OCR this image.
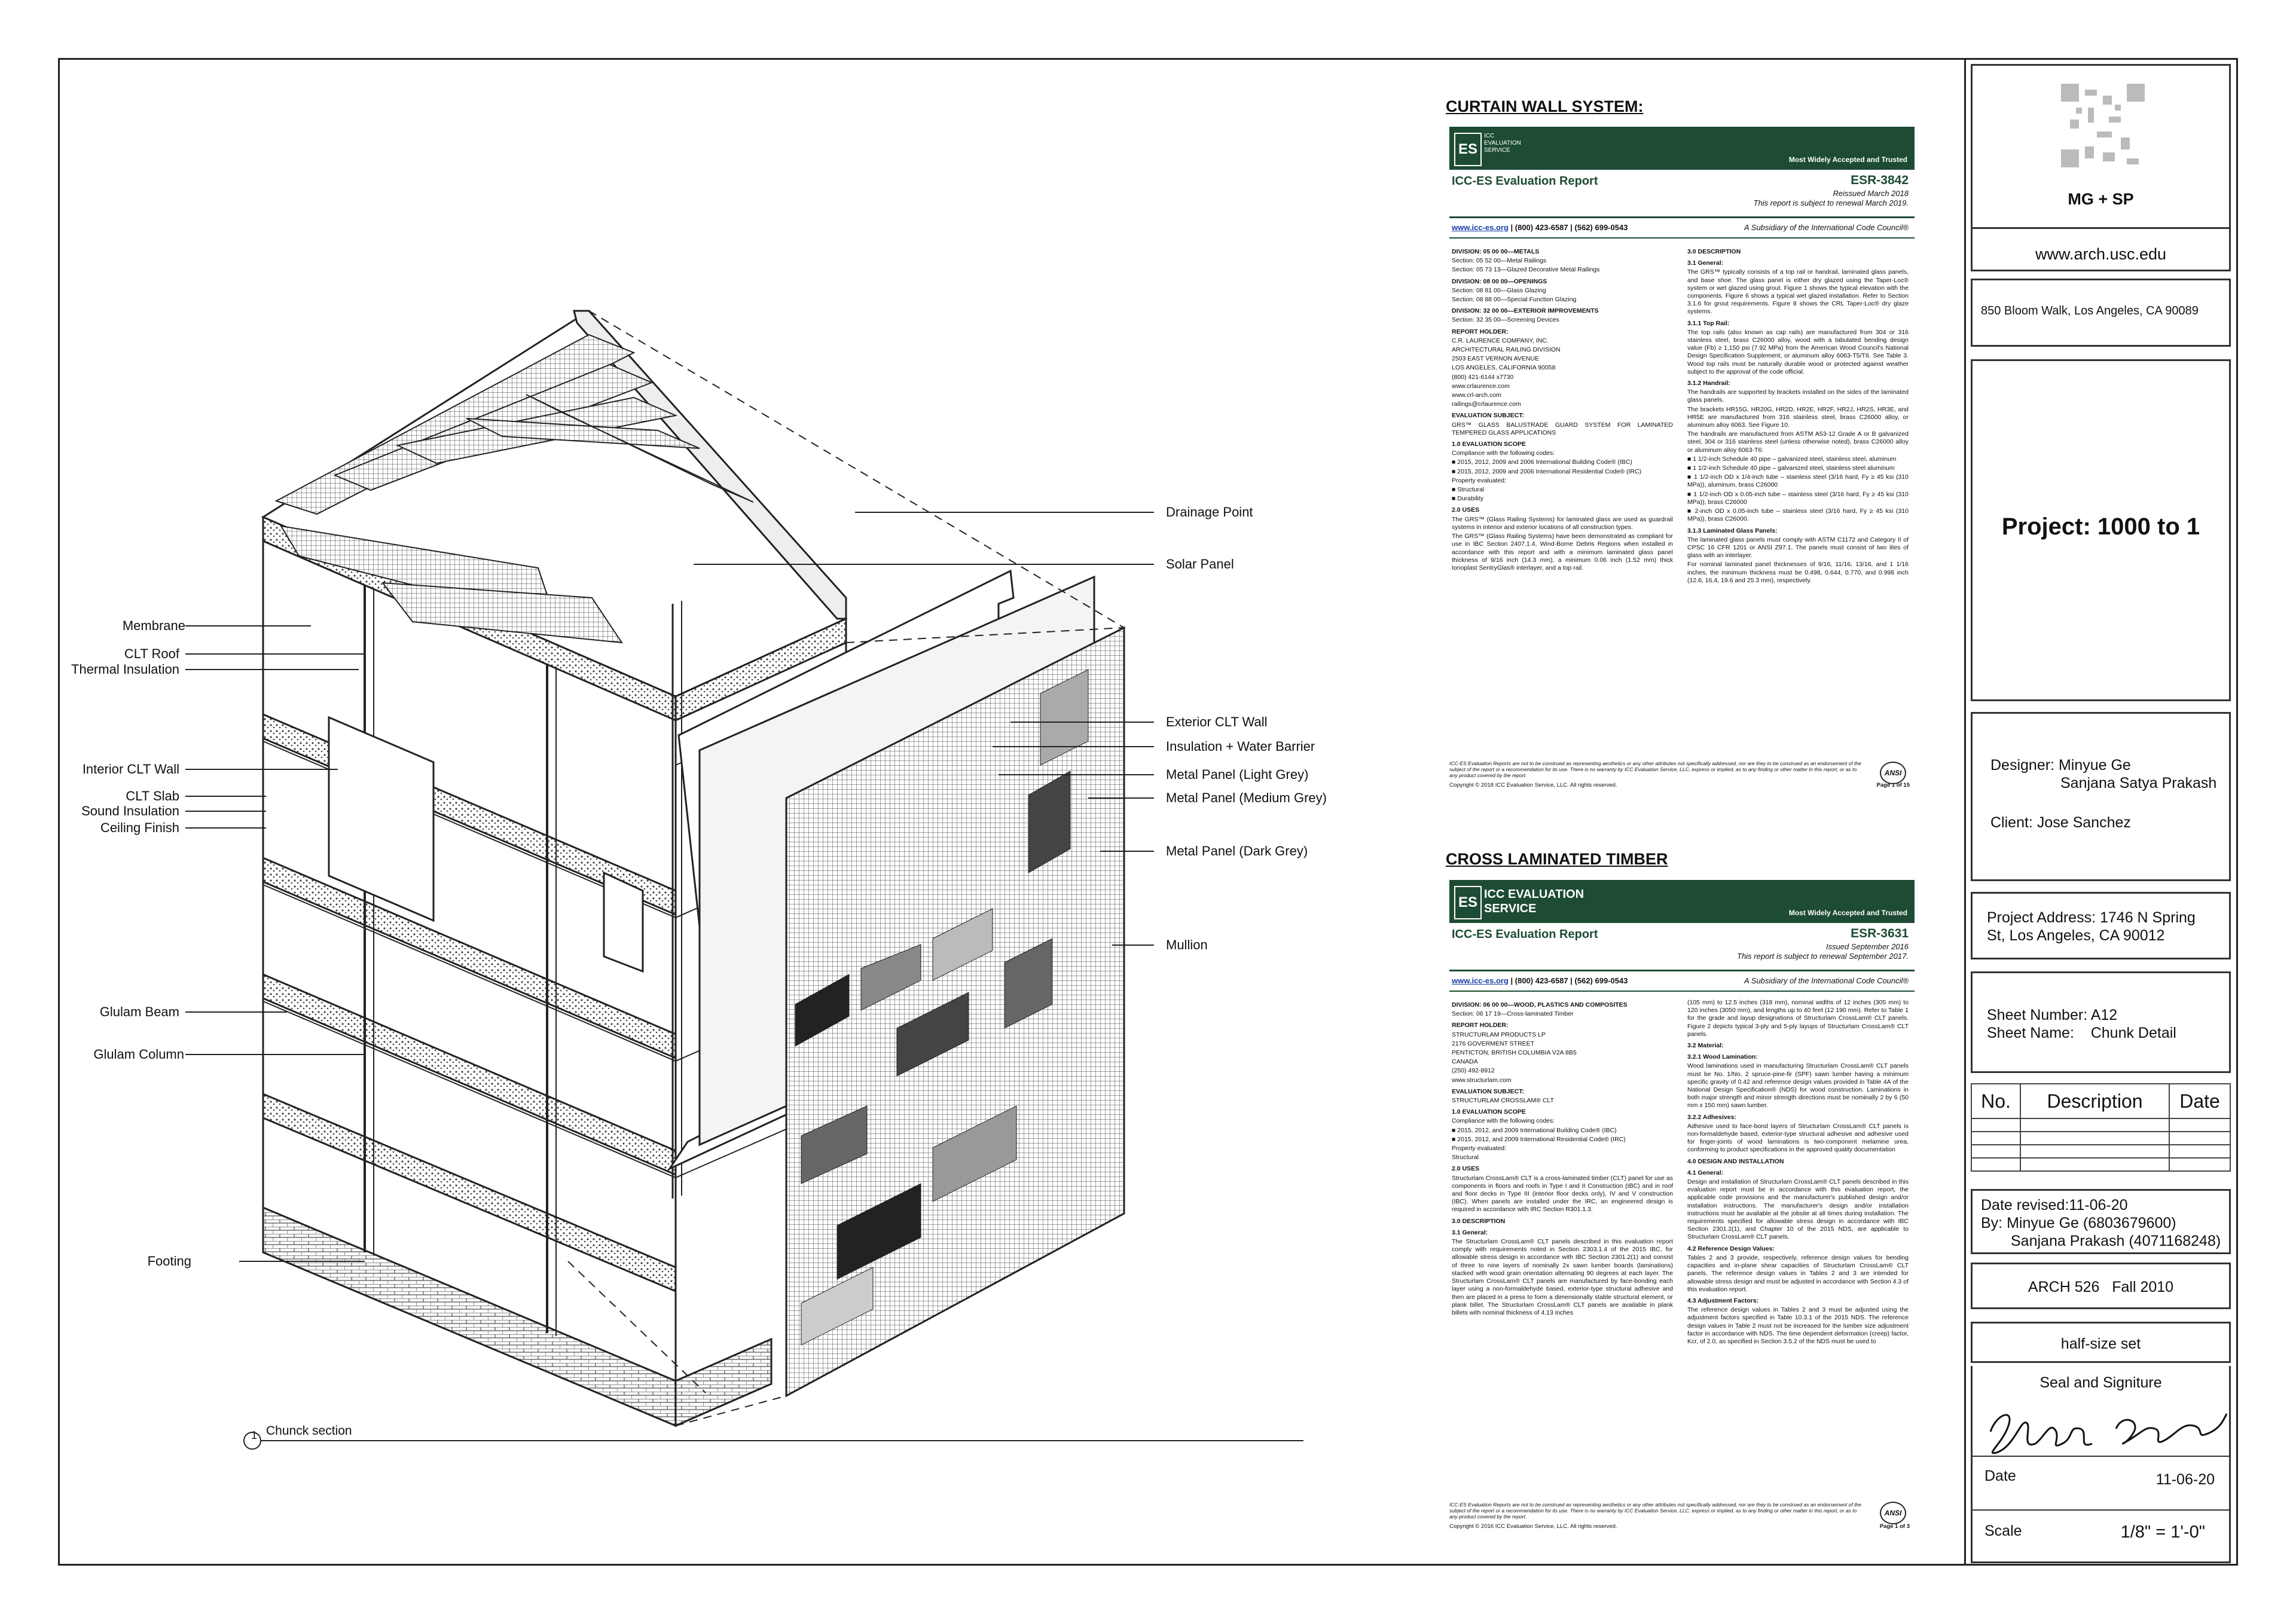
1 Chunck section
Membrane
CLT Roof
Thermal Insulation
Interior CLT Wall
CLT Slab
Sound Insulation
Ceiling Finish
Glulam Beam
Glulam Column
Footing
Drainage Point
Solar Panel
Exterior CLT Wall
Insulation + Water Barrier
Metal Panel (Light Grey)
Metal Panel (Medium Grey)
Metal Panel (Dark Grey)
Mullion
CURTAIN WALL SYSTEM:
ES
ICC EVALUATION SERVICE
Most Widely Accepted and Trusted
ICC-ES Evaluation Report	ESR-3842
Reissued March 2018
This report is subject to renewal March 2019.
www.icc-es.org | (800) 423-6587 | (562) 699-0543	A Subsidiary of the International Code Council®
DIVISION: 05 00 00—METALS

Section: 05 52 00—Metal Railings

Section: 05 73 13—Glazed Decorative Metal Railings

DIVISION: 08 00 00—OPENINGS

Section: 08 81 00—Glass Glazing

Section: 08 88 00—Special Function Glazing

DIVISION: 32 00 00—EXTERIOR IMPROVEMENTS

Section: 32 35 00—Screening Devices

REPORT HOLDER:

C.R. LAURENCE COMPANY, INC.

ARCHITECTURAL RAILING DIVISION

2503 EAST VERNON AVENUE

LOS ANGELES, CALIFORNIA 90058

(800) 421-6144 x7730

www.crlaurence.com

www.crl-arch.com

railings@crlaurence.com

EVALUATION SUBJECT:

GRS™ GLASS BALUSTRADE GUARD SYSTEM FOR LAMINATED TEMPERED GLASS APPLICATIONS

1.0 EVALUATION SCOPE

Compliance with the following codes:

■ 2015, 2012, 2009 and 2006 International Building Code® (IBC)

■ 2015, 2012, 2009 and 2006 International Residential Code® (IRC)

Property evaluated:

■ Structural

■ Durability

2.0 USES

The GRS™ (Glass Railing Systems) for laminated glass are used as guardrail systems in interior and exterior locations of all construction types.

The GRS™ (Glass Railing Systems) have been demonstrated as compliant for use in IBC Section 2407.1.4, Wind-Borne Debris Regions when installed in accordance with this report and with a minimum laminated glass panel thickness of 9/16 inch (14.3 mm), a minimum 0.06 inch (1.52 mm) thick Ionoplast SentryGlas® interlayer, and a top rail.

3.0 DESCRIPTION
3.1 General:

The GRS™ typically consists of a top rail or handrail, laminated glass panels, and base shoe. The glass panel is either dry glazed using the Taper-Loc® system or wet glazed using grout. Figure 1 shows the typical elevation with the components. Figure 6 shows a typical wet glazed installation. Refer to Section 3.1.6 for grout requirements. Figure 8 shows the CRL Taper-Loc® dry glaze systems.

3.1.1 Top Rail:

The top rails (also known as cap rails) are manufactured from 304 or 316 stainless steel, brass C26000 alloy, wood with a tabulated bending design value (Fb) ≥ 1,150 psi (7.92 MPa) from the American Wood Council's National Design Specification Supplement, or aluminum alloy 6063-T5/T6. See Table 3. Wood top rails must be naturally durable wood or protected against weather subject to the approval of the code official.

3.1.2 Handrail:

The handrails are supported by brackets installed on the sides of the laminated glass panels.

The brackets HR15G, HR20G, HR2D, HR2E, HR2F, HR2J, HR2S, HR3E, and HR5E are manufactured from 316 stainless steel, brass C26000 alloy, or aluminum alloy 6063. See Figure 10.

The handrails are manufactured from ASTM A53-12 Grade A or B galvanized steel, 304 or 316 stainless steel (unless otherwise noted), brass C26000 alloy or aluminum alloy 6063-T6:

■ 1 1/2-inch Schedule 40 pipe – galvanized steel, stainless steel, aluminum

■ 1 1/2-inch Schedule 40 pipe – galvanized steel, stainless steel aluminum

■ 1 1/2-inch OD x 1/4-inch tube – stainless steel (3/16 hard, Fy ≥ 45 ksi (310 MPa)), aluminum, brass C26000

■ 1 1/2-inch OD x 0.05-inch tube – stainless steel (3/16 hard, Fy ≥ 45 ksi (310 MPa)), brass C26000

■ 2-inch OD x 0.05-inch tube – stainless steel (3/16 hard, Fy ≥ 45 ksi (310 MPa)), brass C26000.

3.1.3 Laminated Glass Panels:

The laminated glass panels must comply with ASTM C1172 and Category II of CPSC 16 CFR 1201 or ANSI Z97.1. The panels must consist of two lites of glass with an interlayer.

For nominal laminated panel thicknesses of 9/16, 11/16, 13/16, and 1 1/16 inches, the minimum thickness must be 0.498, 0.644, 0.770, and 0.998 inch (12.6, 16.4, 19.6 and 25.3 mm), respectively.

ICC-ES Evaluation Reports are not to be construed as representing aesthetics or any other attributes not specifically addressed, nor are they to be construed as an endorsement of the subject of the report or a recommendation for its use. There is no warranty by ICC Evaluation Service, LLC, express or implied, as to any finding or other matter in this report, or as to any product covered by the report.
Copyright © 2018 ICC Evaluation Service, LLC. All rights reserved.	Page 1 of 15
ANSI
CROSS LAMINATED TIMBER
ES ICC EVALUATION SERVICE	Most Widely Accepted and Trusted
ICC-ES Evaluation Report	ESR-3631
Issued September 2016
This report is subject to renewal September 2017.
www.icc-es.org | (800) 423-6587 | (562) 699-0543	A Subsidiary of the International Code Council®
DIVISION: 06 00 00—WOOD, PLASTICS AND COMPOSITES

Section: 06 17 19—Cross-laminated Timber

REPORT HOLDER:

STRUCTURLAM PRODUCTS LP

2176 GOVERMENT STREET

PENTICTON, BRITISH COLUMBIA V2A 8B5

CANADA

(250) 492-8912

www.structurlam.com

EVALUATION SUBJECT:

STRUCTURLAM CROSSLAM® CLT

1.0 EVALUATION SCOPE

Compliance with the following codes:

■ 2015, 2012, and 2009 International Building Code® (IBC)

■ 2015, 2012, and 2009 International Residential Code® (IRC)

Property evaluated:

Structural

2.0 USES

Structurlam CrossLam® CLT is a cross-laminated timber (CLT) panel for use as components in floors and roofs in Type I and II Construction (IBC) and in roof and floor decks in Type III (interior floor decks only), IV and V construction (IBC). When panels are installed under the IRC, an engineered design is required in accordance with IRC Section R301.1.3.

3.0 DESCRIPTION
3.1 General:

The Structurlam CrossLam® CLT panels described in this evaluation report comply with requirements noted in Section 2303.1.4 of the 2015 IBC, for allowable stress design in accordance with IBC Section 2301.2(1) and consist of three to nine layers of nominally 2x sawn lumber boards (laminations) stacked with wood grain orientation alternating 90 degrees at each layer. The Structurlam CrossLam® CLT panels are manufactured by face-bonding each layer using a non-formaldehyde based, exterior-type structural adhesive and then are placed in a press to form a dimensionally stable structural element, or plank billet. The Structurlam CrossLam® CLT panels are available in plank billets with nominal thickness of 4.13 inches

(105 mm) to 12.5 inches (318 mm), nominal widths of 12 inches (305 mm) to 120 inches (3050 mm), and lengths up to 40 feet (12 190 mm). Refer to Table 1 for the grade and layup designations of Structurlam CrossLam® CLT panels. Figure 2 depicts typical 3-ply and 5-ply layups of Structurlam CrossLam® CLT panels.

3.2 Material:
3.2.1 Wood Lamination:

Wood laminations used in manufacturing Structurlam CrossLam® CLT panels must be No. 1/No. 2 spruce-pine-fir (SPF) sawn lumber having a minimum specific gravity of 0.42 and reference design values provided in Table 4A of the National Design Specification® (NDS) for wood construction. Laminations in both major strength and minor strength directions must be nominally 2 by 6 (50 mm x 150 mm) sawn lumber.

3.2.2 Adhesives:

Adhesive used to face-bond layers of Structurlam CrossLam® CLT panels is non-formaldehyde based, exterior-type structural adhesive and adhesive used for finger-joints of wood laminations is two-component melamine urea, conforming to product specifications in the approved quality documentation

4.0 DESIGN AND INSTALLATION
4.1 General:

Design and installation of Structurlam CrossLam® CLT panels described in this evaluation report must be in accordance with this evaluation report, the applicable code provisions and the manufacturer's published design and/or installation instructions. The manufacturer's design and/or installation instructions must be available at the jobsite at all times during installation. The requirements specified for allowable stress design in accordance with IBC Section 2301.2(1), and Chapter 10 of the 2015 NDS, are applicable to Structurlam CrossLam® CLT panels.

4.2 Reference Design Values:

Tables 2 and 3 provide, respectively, reference design values for bending capacities and in-plane shear capacities of Structurlam CrossLam® CLT panels. The reference design values in Tables 2 and 3 are intended for allowable stress design and must be adjusted in accordance with Section 4.3 of this evaluation report.

4.3 Adjustment Factors:

The reference design values in Tables 2 and 3 must be adjusted using the adjustment factors specified in Table 10.3.1 of the 2015 NDS. The reference design values in Table 2 must not be increased for the lumber size adjustment factor in accordance with NDS. The time dependent deformation (creep) factor, Kcr, of 2.0, as specified in Section 3.5.2 of the NDS must be used to

ICC-ES Evaluation Reports are not to be construed as representing aesthetics or any other attributes not specifically addressed, nor are they to be construed as an endorsement of the subject of the report or a recommendation for its use. There is no warranty by ICC Evaluation Service, LLC, express or implied, as to any finding or other matter in this report, or as to any product covered by the report.
Copyright © 2016 ICC Evaluation Service, LLC. All rights reserved.	Page 1 of 3
ANSI
MG + SP
www.arch.usc.edu
850 Bloom Walk, Los Angeles, CA 90089
Project: 1000 to 1
Designer: Minyue Ge
Sanjana Satya Prakash
Client: Jose Sanchez
Project Address: 1746 N Spring
St, Los Angeles, CA 90012
Sheet Number: A12
Sheet Name: Chunk Detail
No.	Description	Date

Date revised:11-06-20
By: Minyue Ge (6803679600)
Sanjana Prakash (4071168248)
ARCH 526   Fall 2010
half-size set
Seal and Signiture
Date	11-06-20
Scale	1/8" = 1'-0"
